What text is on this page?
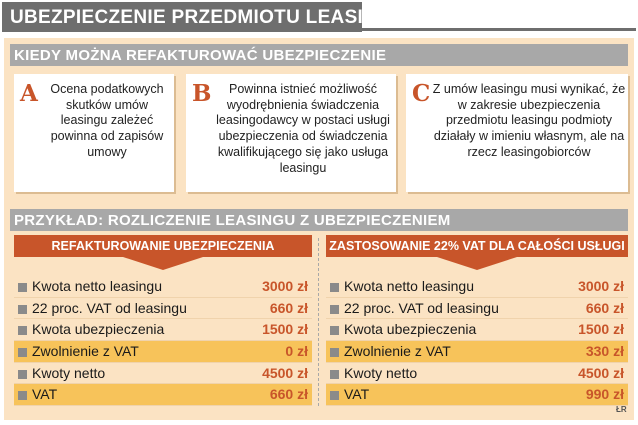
UBEZPIECZENIE PRZEDMIOTU LEASINGU
KIEDY MOŻNA REFAKTUROWAĆ UBEZPIECZENIE
A	Ocena podatkowych skutków umów leasingu zależeć powinna od zapisów umowy
B	Powinna istnieć możliwość wyodrębnienia świadczenia leasingodawcy w postaci usługi ubezpieczenia od świadczenia kwalifikującego się jako usługa leasingu
C Z umów leasingu musi wynikać, że w zakresie ubezpieczenia przedmiotu leasingu podmioty działały w imieniu własnym, ale na rzecz leasingobiorców
PRZYKŁAD: ROZLICZENIE LEASINGU Z UBEZPIECZENIEM
REFAKTUROWANIE UBEZPIECZENIA
Kwota netto leasingu	3000 zł
22 proc. VAT od leasingu	660 zł
Kwota ubezpieczenia	1500 zł
Zwolnienie z VAT	0 zł
Kwoty netto	4500 zł
VAT	660 zł
ZASTOSOWANIE 22% VAT DLA CAŁOŚCI USŁUGI
Kwota netto leasingu	3000 zł
22 proc. VAT od leasingu	660 zł
Kwota ubezpieczenia	1500 zł
Zwolnienie z VAT	330 zł
Kwoty netto	4500 zł
VAT	990 zł
ŁR
